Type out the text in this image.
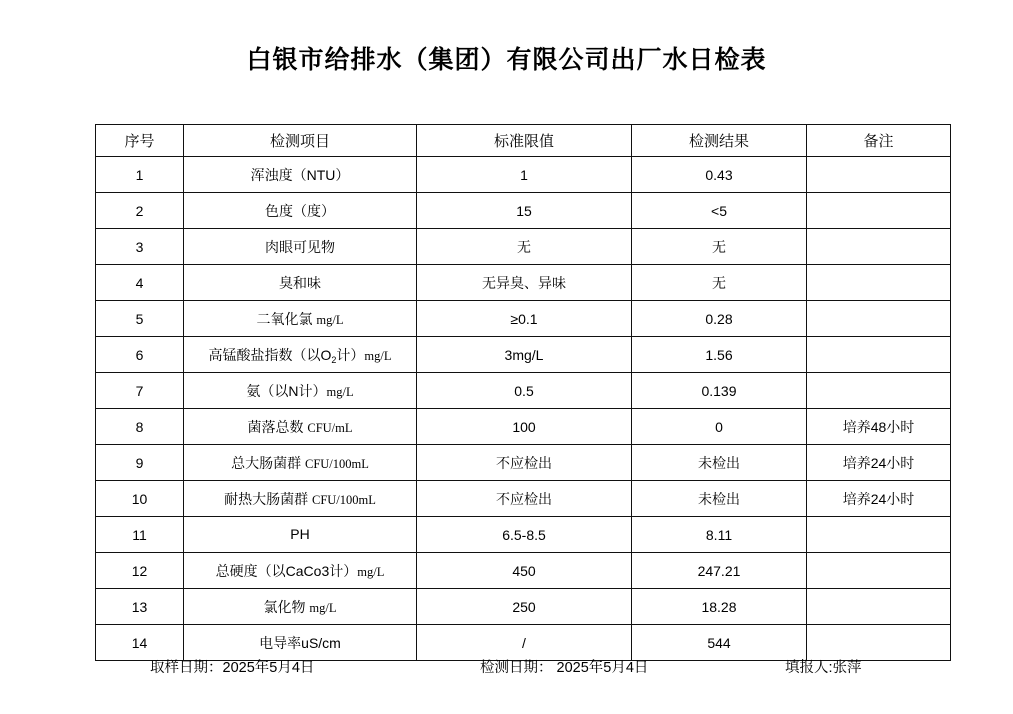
白银市给排水（集团）有限公司出厂水日检表
序号	检测项目	标准限值	检测结果	备注
1	浑浊度（NTU）	1	0.43	
2	色度（度）	15	<5	
3	肉眼可见物	无	无	
4	臭和味	无异臭、异味	无	
5	二氧化氯 mg/L	≥0.1	0.28	
6	高锰酸盐指数（以$O_2$计）mg/L	3mg/L	1.56	
7	氨（以N计）mg/L	0.5	0.139	
8	菌落总数 CFU/mL	100	0	培养48小时
9	总大肠菌群 CFU/100mL	不应检出	未检出	培养24小时
10	耐热大肠菌群 CFU/100mL	不应检出	未检出	培养24小时
11	PH	6.5-8.5	8.11	
12	总硬度（以CaCo3计）mg/L	450	247.21	
13	氯化物 mg/L	250	18.28	
14	电导率uS/cm	/	544	
取样日期：2025年5月4日	检测日期： 2025年5月4日	填报人:张萍
